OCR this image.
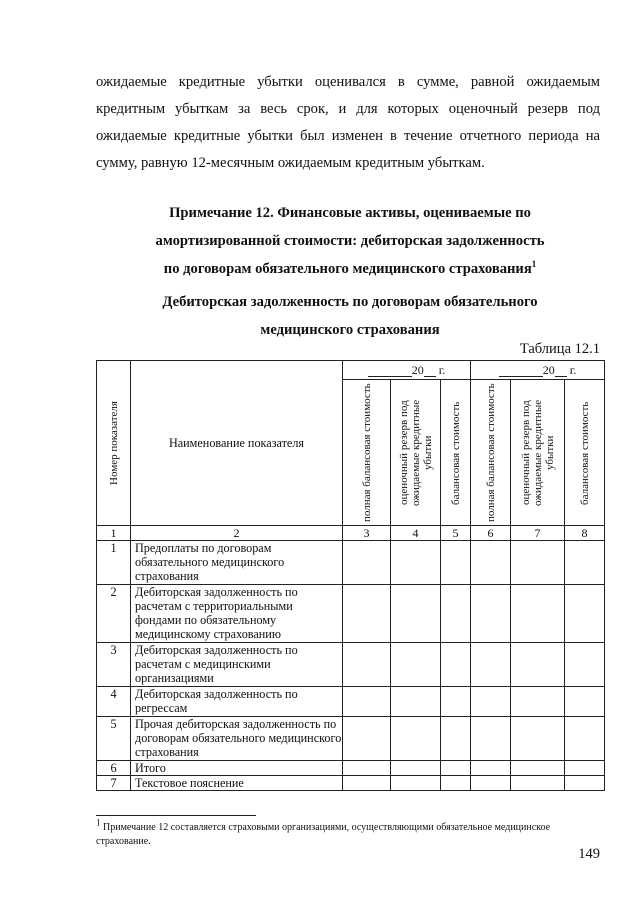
ожидаемые кредитные убытки оценивался в сумме, равной ожидаемым
кредитным убыткам за весь срок, и для которых оценочный резерв под
ожидаемые кредитные убытки был изменен в течение отчетного периода на
сумму, равную 12-месячным ожидаемым кредитным убыткам.
Примечание 12. Финансовые активы, оцениваемые по
амортизированной стоимости: дебиторская задолженность
по договорам обязательного медицинского страхования$^1$
Дебиторская задолженность по договорам обязательного
медицинского страхования
Таблица 12.1
Номер показателя	Наименование показателя	20 г.			20 г.		

		полная балансовая стоимость	оценочный резерв под ожидаемые кредитные убытки	балансовая стоимость	полная балансовая стоимость	оценочный резерв под ожидаемые кредитные убытки	балансовая стоимость

1	2	3	4	5	6	7	8
1	Предоплаты по договорам обязательного медицинского страхования						
2	Дебиторская задолженность по расчетам с территориальными фондами по обязательному медицинскому страхованию						
3	Дебиторская задолженность по расчетам с медицинскими организациями						
4	Дебиторская задолженность по регрессам						
5	Прочая дебиторская задолженность по договорам обязательного медицинского страхования						
6	Итого						
7	Текстовое пояснение						
$^1$ Примечание 12 составляется страховыми организациями, осуществляющими обязательное медицинское страхование.
149
